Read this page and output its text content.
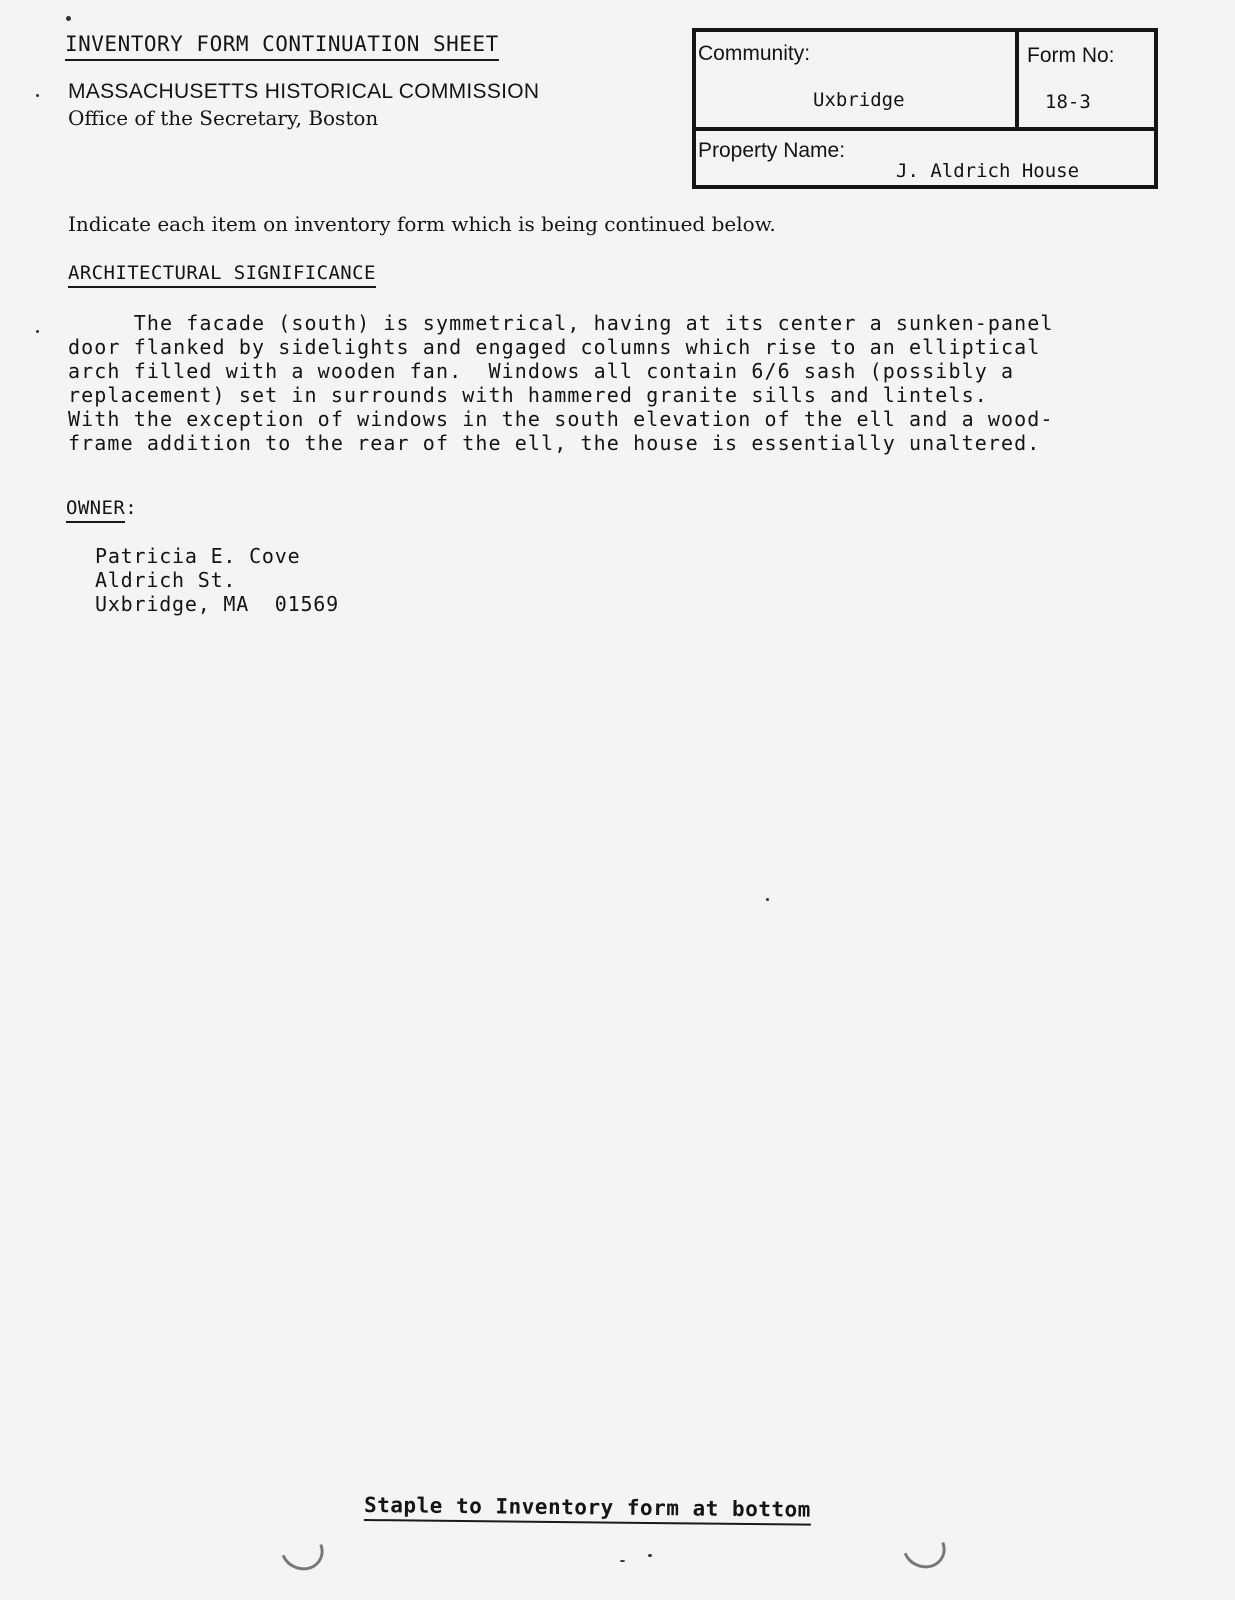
INVENTORY FORM CONTINUATION SHEET
MASSACHUSETTS HISTORICAL COMMISSION
Office of the Secretary, Boston
Community:
Uxbridge
Form No:
18-3
Property Name:
J. Aldrich House
Indicate each item on inventory form which is being continued below.
ARCHITECTURAL SIGNIFICANCE
The facade (south) is symmetrical, having at its center a sunken-panel
door flanked by sidelights and engaged columns which rise to an elliptical
arch filled with a wooden fan.  Windows all contain 6/6 sash (possibly a
replacement) set in surrounds with hammered granite sills and lintels.
With the exception of windows in the south elevation of the ell and a wood-
frame addition to the rear of the ell, the house is essentially unaltered.
OWNER:
Patricia E. Cove
Aldrich St.
Uxbridge, MA  01569
Staple to Inventory form at bottom
